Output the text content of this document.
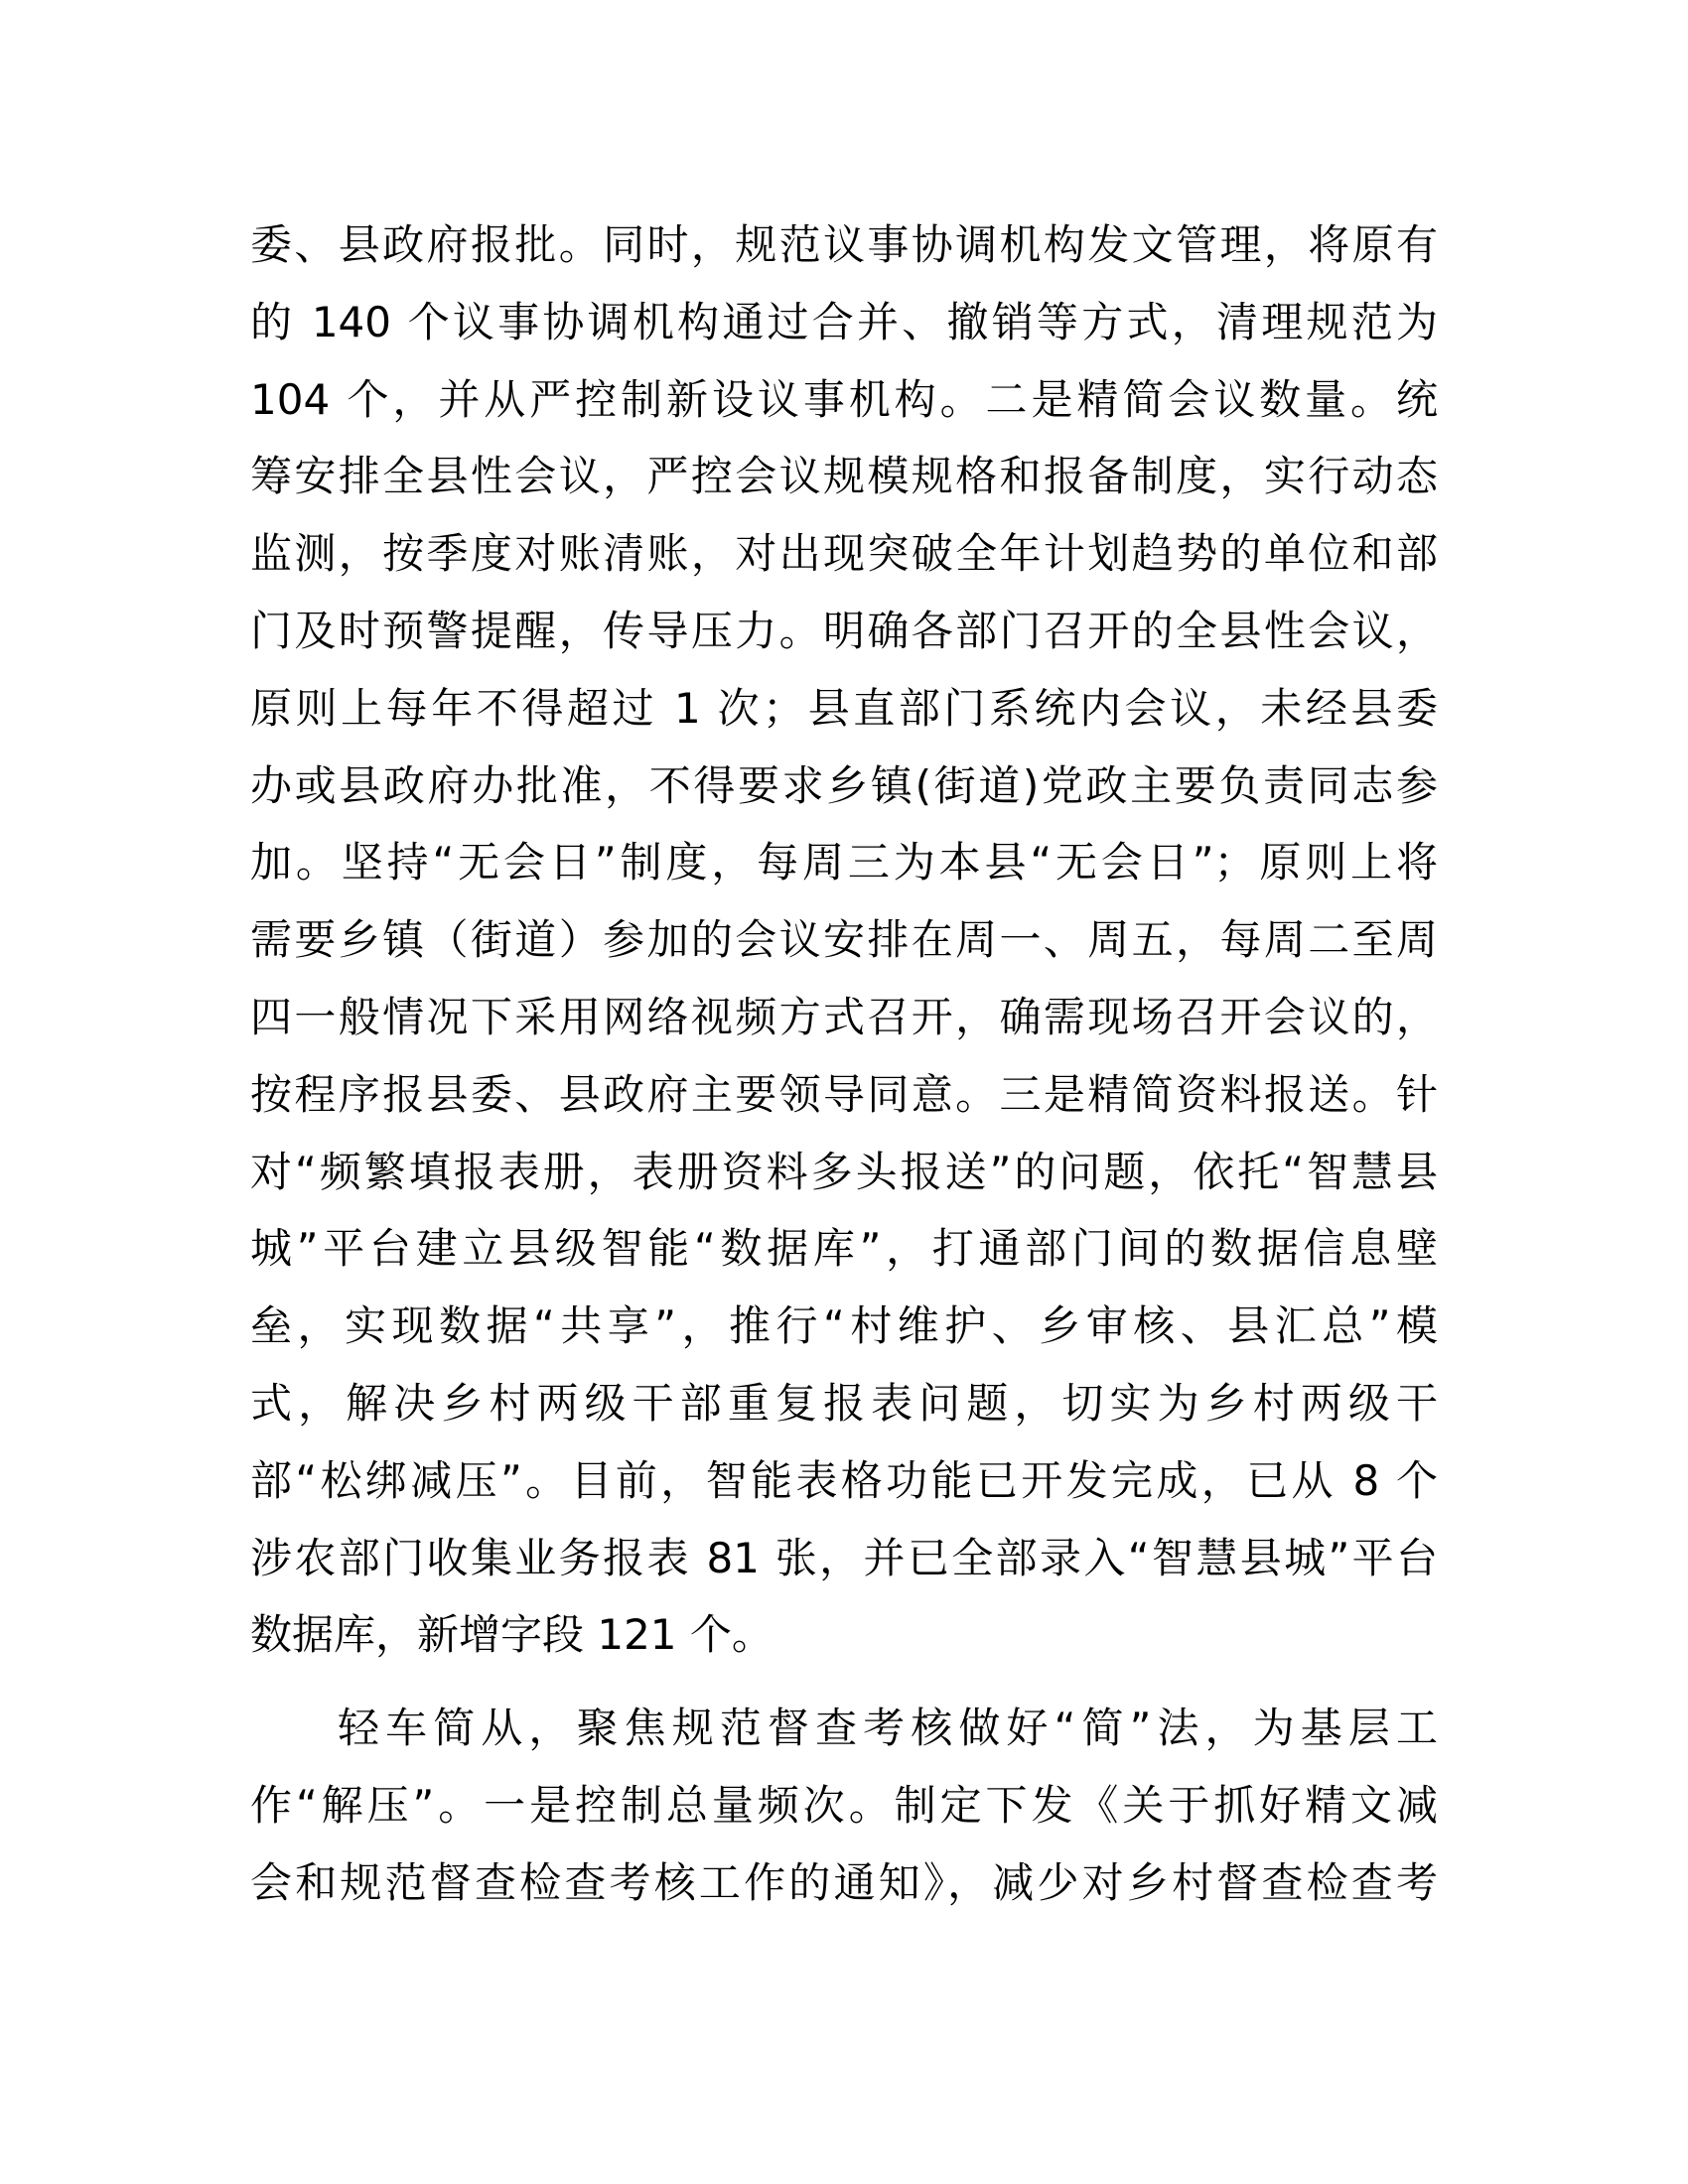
委、县政府报批。同时，规范议事协调机构发文管理，将原有
的 140 个议事协调机构通过合并、撤销等方式，清理规范为
104 个，并从严控制新设议事机构。二是精简会议数量。统
筹安排全县性会议，严控会议规模规格和报备制度，实行动态
监测，按季度对账清账，对出现突破全年计划趋势的单位和部
门及时预警提醒，传导压力。明确各部门召开的全县性会议，
原则上每年不得超过 1 次；县直部门系统内会议，未经县委
办或县政府办批准，不得要求乡镇(街道)党政主要负责同志参
加。坚持“无会日”制度，每周三为本县“无会日”；原则上将
需要乡镇（街道）参加的会议安排在周一、周五，每周二至周
四一般情况下采用网络视频方式召开，确需现场召开会议的，
按程序报县委、县政府主要领导同意。三是精简资料报送。针
对“频繁填报表册，表册资料多头报送”的问题，依托“智慧县
城”平台建立县级智能“数据库”，打通部门间的数据信息壁
垒，实现数据“共享”，推行“村维护、乡审核、县汇总”模
式，解决乡村两级干部重复报表问题，切实为乡村两级干
部“松绑减压”。目前，智能表格功能已开发完成，已从 8 个
涉农部门收集业务报表 81 张，并已全部录入“智慧县城”平台
数据库，新增字段 121 个。
轻车简从，聚焦规范督查考核做好“简”法，为基层工
作“解压”。一是控制总量频次。制定下发《关于抓好精文减
会和规范督查检查考核工作的通知》，减少对乡村督查检查考
